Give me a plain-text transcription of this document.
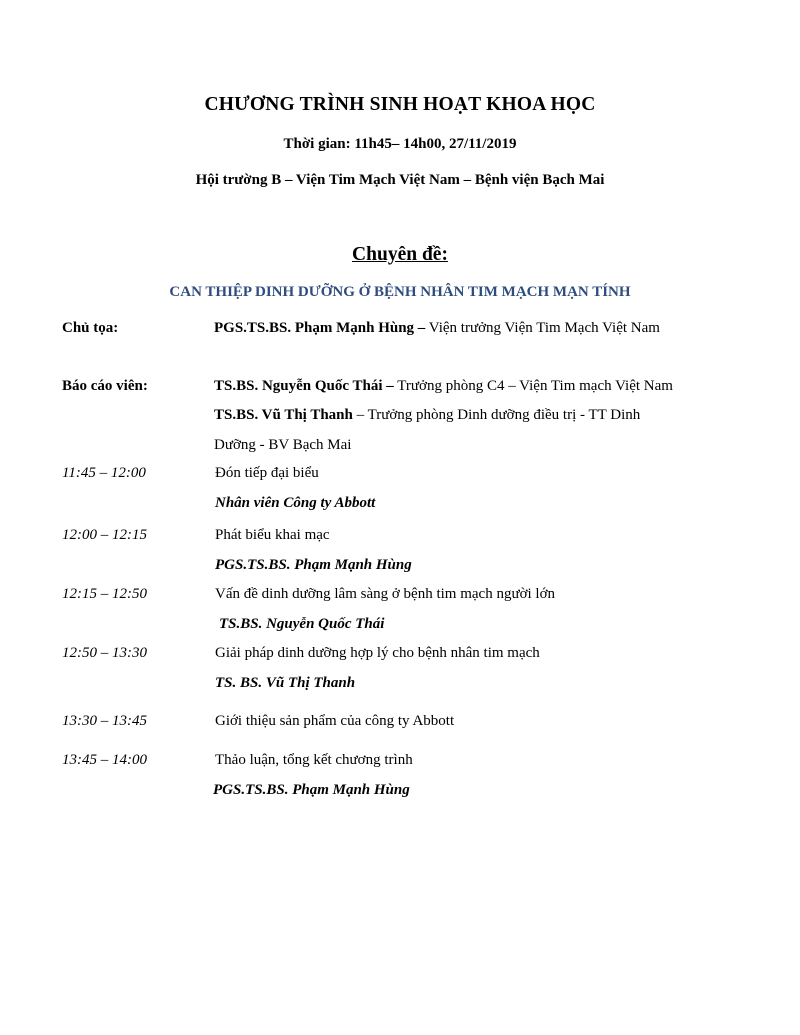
CHƯƠNG TRÌNH SINH HOẠT KHOA HỌC
Thời gian: 11h45– 14h00, 27/11/2019
Hội trường B – Viện Tim Mạch Việt Nam – Bệnh viện Bạch Mai
Chuyên đề:
CAN THIỆP DINH DƯỠNG Ở BỆNH NHÂN TIM MẠCH MẠN TÍNH
Chủ tọa:	PGS.TS.BS. Phạm Mạnh Hùng – Viện trưởng Viện Tim Mạch Việt Nam
Báo cáo viên:	TS.BS. Nguyễn Quốc Thái – Trưởng phòng C4 – Viện Tim mạch Việt Nam
TS.BS. Vũ Thị Thanh – Trưởng phòng Dinh dưỡng điều trị - TT Dinh
Dưỡng - BV Bạch Mai
11:45 – 12:00	Đón tiếp đại biểu
Nhân viên Công ty Abbott
12:00 – 12:15	Phát biểu khai mạc
PGS.TS.BS. Phạm Mạnh Hùng
12:15 – 12:50	Vấn đề dinh dưỡng lâm sàng ở bệnh tim mạch người lớn
TS.BS. Nguyễn Quốc Thái
12:50 – 13:30	Giải pháp dinh dưỡng hợp lý cho bệnh nhân tim mạch
TS. BS. Vũ Thị Thanh
13:30 – 13:45	Giới thiệu sản phẩm của công ty Abbott
13:45 – 14:00	Thảo luận, tổng kết chương trình
PGS.TS.BS. Phạm Mạnh Hùng
